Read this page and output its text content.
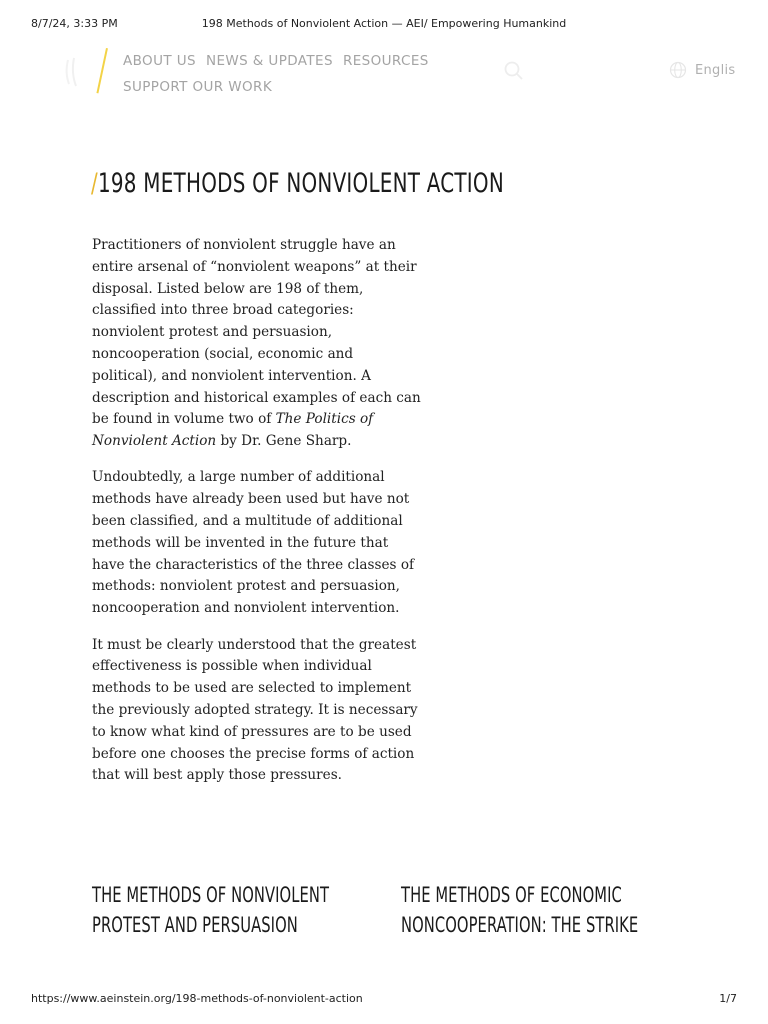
8/7/24, 3:33 PM	198 Methods of Nonviolent Action — AEI/ Empowering Humankind
ABOUT US NEWS & UPDATES RESOURCES
SUPPORT OUR WORK
Englis
/198 METHODS OF NONVIOLENT ACTION

Practitioners of nonviolent struggle have an entire arsenal of “nonviolent weapons” at their disposal. Listed below are 198 of them, classified into three broad categories: nonviolent protest and persuasion, noncooperation (social, economic and political), and nonviolent intervention. A description and historical examples of each can be found in volume two of The Politics of Nonviolent Action by Dr. Gene Sharp.

Undoubtedly, a large number of additional methods have already been used but have not been classified, and a multitude of additional methods will be invented in the future that have the characteristics of the three classes of methods: nonviolent protest and persuasion, noncooperation and nonviolent intervention.

It must be clearly understood that the greatest effectiveness is possible when individual methods to be used are selected to implement the previously adopted strategy. It is necessary to know what kind of pressures are to be used before one chooses the precise forms of action that will best apply those pressures.

THE METHODS OF NONVIOLENT PROTEST AND PERSUASION
THE METHODS OF ECONOMIC NONCOOPERATION: THE STRIKE
https://www.aeinstein.org/198-methods-of-nonviolent-action	1/7
